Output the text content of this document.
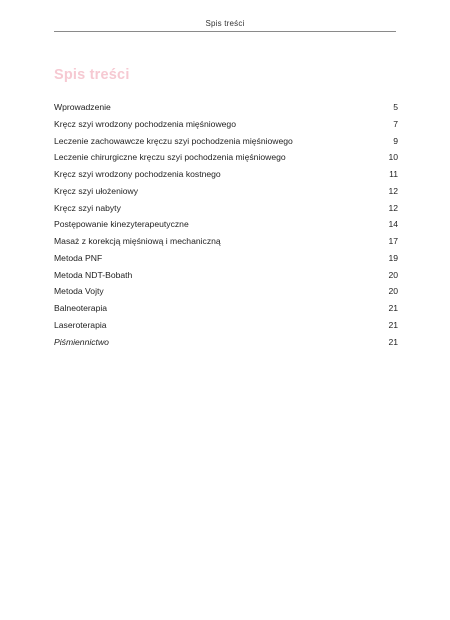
Spis treści
Spis treści
Wprowadzenie	5
Kręcz szyi wrodzony pochodzenia mięśniowego	7
Leczenie zachowawcze kręczu szyi pochodzenia mięśniowego	9
Leczenie chirurgiczne kręczu szyi pochodzenia mięśniowego	10
Kręcz szyi wrodzony pochodzenia kostnego	11
Kręcz szyi ułożeniowy	12
Kręcz szyi nabyty	12
Postępowanie kinezyterapeutyczne	14
Masaż z korekcją mięśniową i mechaniczną	17
Metoda PNF	19
Metoda NDT-Bobath	20
Metoda Vojty	20
Balneoterapia	21
Laseroterapia	21
Piśmiennictwo	21
